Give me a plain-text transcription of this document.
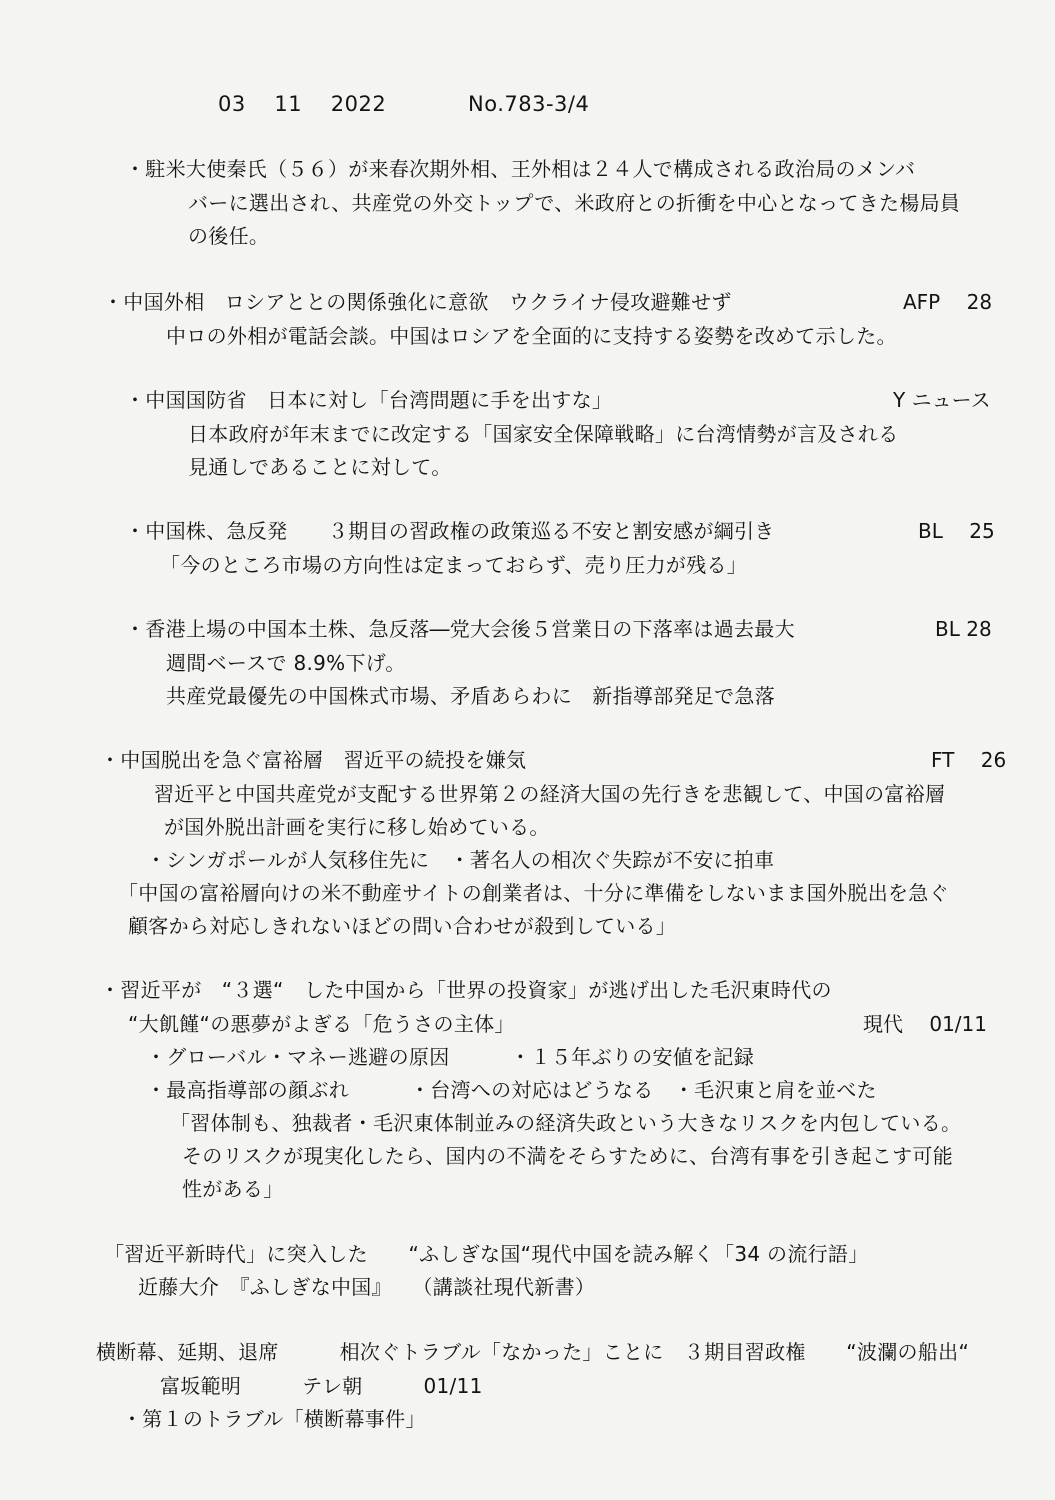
03　 11　 2022	No.783-3/4
・駐米大使秦氏（５６）が来春次期外相、王外相は２４人で構成される政治局のメンバ
バーに選出され、共産党の外交トップで、米政府との折衝を中心となってきた楊局員
の後任。
・中国外相　ロシアととの関係強化に意欲　ウクライナ侵攻避難せず	AFP　 28
中ロの外相が電話会談。中国はロシアを全面的に支持する姿勢を改めて示した。
・中国国防省　日本に対し「台湾問題に手を出すな」	Y ニュース
日本政府が年末までに改定する「国家安全保障戦略」に台湾情勢が言及される
見通しであることに対して。
・中国株、急反発　　３期目の習政権の政策巡る不安と割安感が綱引き	BL　 25
「今のところ市場の方向性は定まっておらず、売り圧力が残る」
・香港上場の中国本土株、急反落―党大会後５営業日の下落率は過去最大	BL 28
週間ベースで 8.9%下げ。
共産党最優先の中国株式市場、矛盾あらわに　新指導部発足で急落
・中国脱出を急ぐ富裕層　習近平の続投を嫌気	FT　 26
習近平と中国共産党が支配する世界第２の経済大国の先行きを悲観して、中国の富裕層
が国外脱出計画を実行に移し始めている。
・シンガポールが人気移住先に　・著名人の相次ぐ失踪が不安に拍車
「中国の富裕層向けの米不動産サイトの創業者は、十分に準備をしないまま国外脱出を急ぐ
顧客から対応しきれないほどの問い合わせが殺到している」
・習近平が　“３選“　した中国から「世界の投資家」が逃げ出した毛沢東時代の
“大飢饉“の悪夢がよぎる「危うさの主体」	現代　 01/11
・グローバル・マネー逃避の原因　　　・１５年ぶりの安値を記録
・最高指導部の顔ぶれ　　　・台湾への対応はどうなる　・毛沢東と肩を並べた
「習体制も、独裁者・毛沢東体制並みの経済失政という大きなリスクを内包している。
そのリスクが現実化したら、国内の不満をそらすために、台湾有事を引き起こす可能
性がある」
「習近平新時代」に突入した　　“ふしぎな国“現代中国を読み解く「34 の流行語」
近藤大介　『ふしぎな中国』　　（講談社現代新書）
横断幕、延期、退席　　　相次ぐトラブル「なかった」ことに　３期目習政権　　“波瀾の船出“
富坂範明　　　テレ朝　　　01/11
・第１のトラブル「横断幕事件」
